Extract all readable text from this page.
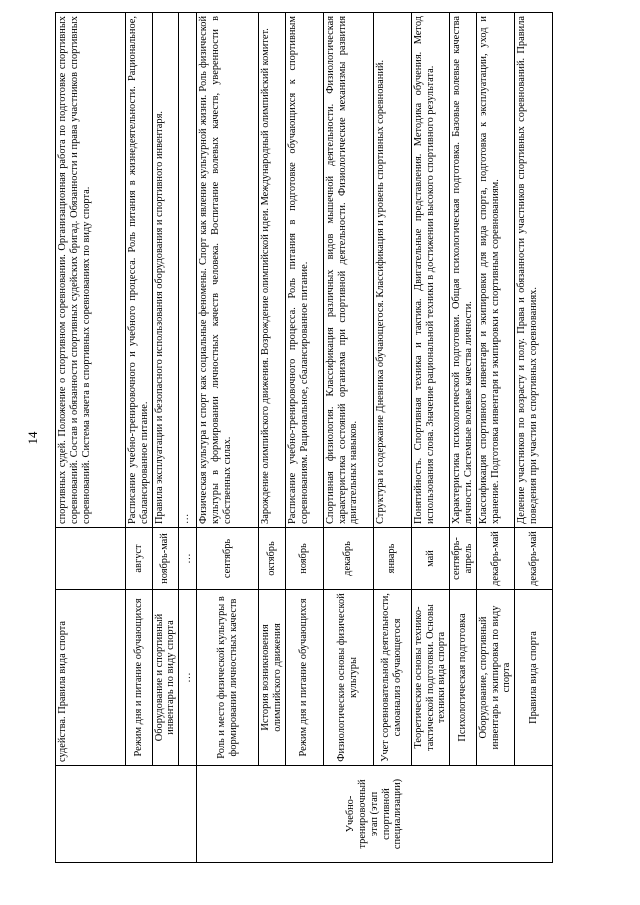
14
	судейства. Правила вида спорта		спортивных судей. Положение о спортивном соревновании. Организационная работа по подготовке спортивных соревнований. Состав и обязанности спортивных судейских бригад. Обязанности и права участников спортивных соревнований. Система зачета в спортивных соревнованиях по виду спорта.
	Режим дня и питание обучающихся	август	Расписание учебно-тренировочного и учебного процесса. Роль питания в жизнедеятельности. Рациональное, сбалансированное питание.
	Оборудование и спортивный инвентарь по виду спорта	ноябрь-май	Правила эксплуатации и безопасного использования оборудования и спортивного инвентаря.
	…	…	…
Учебно-тренировочный этап (этап спортивной специализации)	Роль и место физической культуры в формировании личностных качеств	сентябрь	Физическая культура и спорт как социальные феномены. Спорт как явление культурной жизни. Роль физической культуры в формировании личностных качеств человека. Воспитание волевых качеств, уверенности в собственных силах.
	История возникновения олимпийского движения	октябрь	Зарождение олимпийского движения. Возрождение олимпийской идеи. Международный олимпийский комитет.
	Режим дня и питание обучающихся	ноябрь	Расписание учебно-тренировочного процесса. Роль питания в подготовке обучающихся к спортивным соревнованиям. Рациональное, сбалансированное питание.
	Физиологические основы физической культуры	декабрь	Спортивная физиология. Классификация различных видов мышечной деятельности. Физиологическая характеристика состояний организма при спортивной деятельности. Физиологические механизмы развития двигательных навыков.
	Учет соревновательной деятельности, самоанализ обучающегося	январь	Структура и содержание Дневника обучающегося. Классификация и уровень спортивных соревнований.
	Теоретические основы технико-тактической подготовки. Основы техники вида спорта	май	Понятийность. Спортивная техника и тактика. Двигательные представления. Методика обучения. Метод использования слова. Значение рациональной техники в достижении высокого спортивного результата.
	Психологическая подготовка	сентябрь-апрель	Характеристика психологической подготовки. Общая психологическая подготовка. Базовые волевые качества личности. Системные волевые качества личности.
	Оборудование, спортивный инвентарь и экипировка по виду спорта	декабрь-май	Классификация спортивного инвентаря и экипировки для вида спорта, подготовка к эксплуатации, уход и хранение. Подготовка инвентаря и экипировки к спортивным соревнованиям.
	Правила вида спорта	декабрь-май	Деление участников по возрасту и полу. Права и обязанности участников спортивных соревнований. Правила поведения при участии в спортивных соревнованиях.
